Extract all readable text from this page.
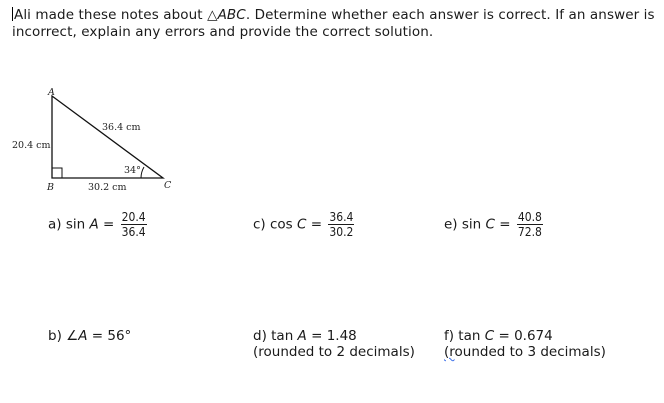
Ali made these notes about △ABC. Determine whether each answer is correct. If an answer is
incorrect, explain any errors and provide the correct solution.
A
B	C
20.4 cm
36.4 cm
30.2 cm
34°
a) $\sin A = \frac{20.4}{36.4}$	c) $\cos C = \frac{36.4}{30.2}$	e) $\sin C = \frac{40.8}{72.8}$
b) ∠A = 56°	d) tan A = 1.48
(rounded to 2 decimals)
f) tan C = 0.674
(rounded to 3 decimals)
